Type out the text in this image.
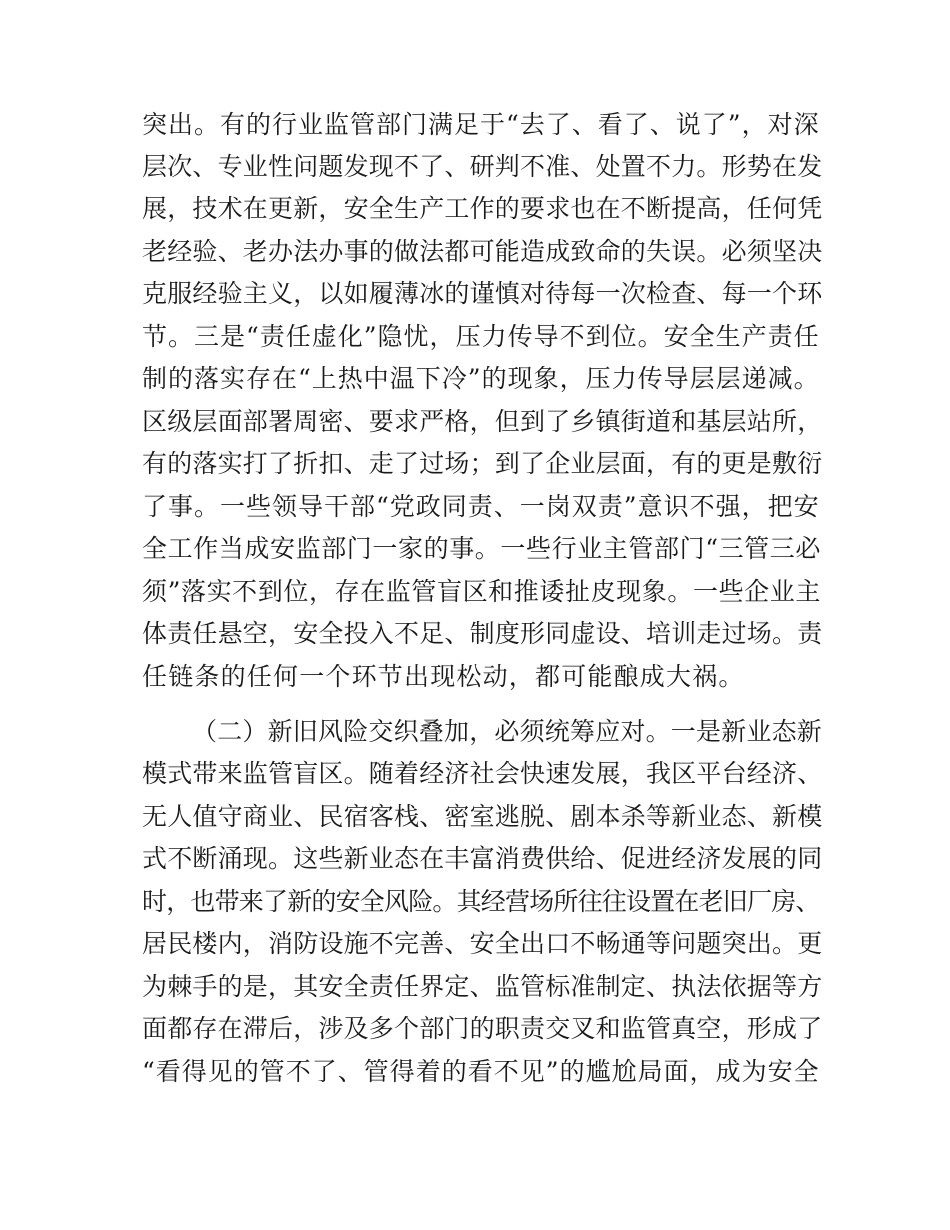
突出。有的行业监管部门满足于“去了、看了、说了”，对深
层次、专业性问题发现不了、研判不准、处置不力。形势在发
展，技术在更新，安全生产工作的要求也在不断提高，任何凭
老经验、老办法办事的做法都可能造成致命的失误。必须坚决
克服经验主义，以如履薄冰的谨慎对待每一次检查、每一个环
节。三是“责任虚化”隐忧，压力传导不到位。安全生产责任
制的落实存在“上热中温下冷”的现象，压力传导层层递减。
区级层面部署周密、要求严格，但到了乡镇街道和基层站所，
有的落实打了折扣、走了过场；到了企业层面，有的更是敷衍
了事。一些领导干部“党政同责、一岗双责”意识不强，把安
全工作当成安监部门一家的事。一些行业主管部门“三管三必
须”落实不到位，存在监管盲区和推诿扯皮现象。一些企业主
体责任悬空，安全投入不足、制度形同虚设、培训走过场。责
任链条的任何一个环节出现松动，都可能酿成大祸。
（二）新旧风险交织叠加，必须统筹应对。一是新业态新
模式带来监管盲区。随着经济社会快速发展，我区平台经济、
无人值守商业、民宿客栈、密室逃脱、剧本杀等新业态、新模
式不断涌现。这些新业态在丰富消费供给、促进经济发展的同
时，也带来了新的安全风险。其经营场所往往设置在老旧厂房、
居民楼内，消防设施不完善、安全出口不畅通等问题突出。更
为棘手的是，其安全责任界定、监管标准制定、执法依据等方
面都存在滞后，涉及多个部门的职责交叉和监管真空，形成了
“看得见的管不了、管得着的看不见”的尴尬局面，成为安全
